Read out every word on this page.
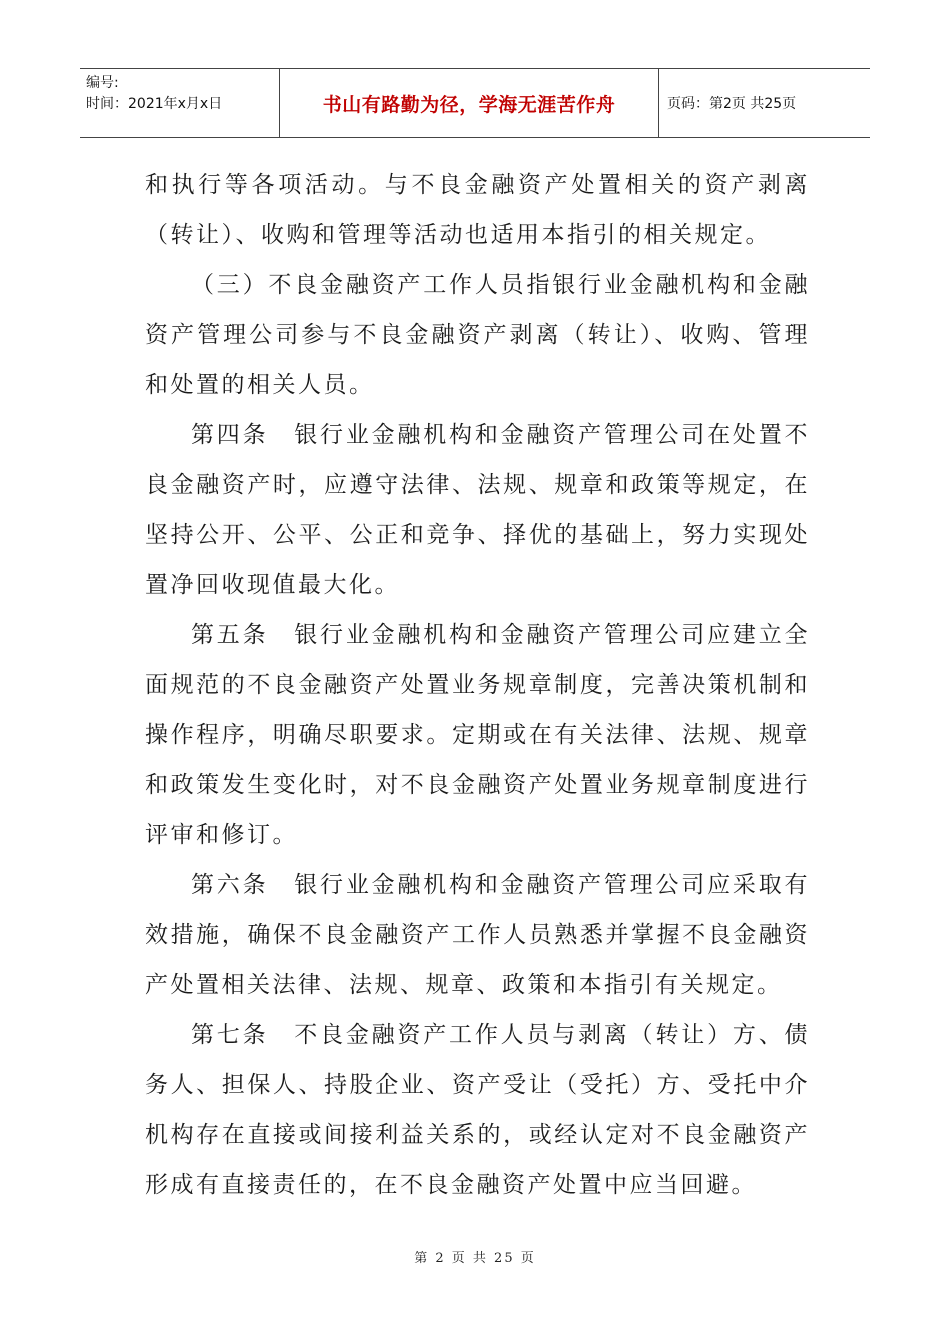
编号:
时间：2021年x月x日	书山有路勤为径，学海无涯苦作舟	页码：第2页 共25页

和执行等各项活动。与不良金融资产处置相关的资产剥离（转让）、收购和管理等活动也适用本指引的相关规定。

（三）不良金融资产工作人员指银行业金融机构和金融资产管理公司参与不良金融资产剥离（转让）、收购、管理和处置的相关人员。

第四条　银行业金融机构和金融资产管理公司在处置不良金融资产时，应遵守法律、法规、规章和政策等规定，在坚持公开、公平、公正和竞争、择优的基础上，努力实现处置净回收现值最大化。

第五条　银行业金融机构和金融资产管理公司应建立全面规范的不良金融资产处置业务规章制度，完善决策机制和操作程序，明确尽职要求。定期或在有关法律、法规、规章和政策发生变化时，对不良金融资产处置业务规章制度进行评审和修订。

第六条　银行业金融机构和金融资产管理公司应采取有效措施，确保不良金融资产工作人员熟悉并掌握不良金融资产处置相关法律、法规、规章、政策和本指引有关规定。

第七条　不良金融资产工作人员与剥离（转让）方、债务人、担保人、持股企业、资产受让（受托）方、受托中介机构存在直接或间接利益关系的，或经认定对不良金融资产形成有直接责任的，在不良金融资产处置中应当回避。

第 2 页 共 25 页
